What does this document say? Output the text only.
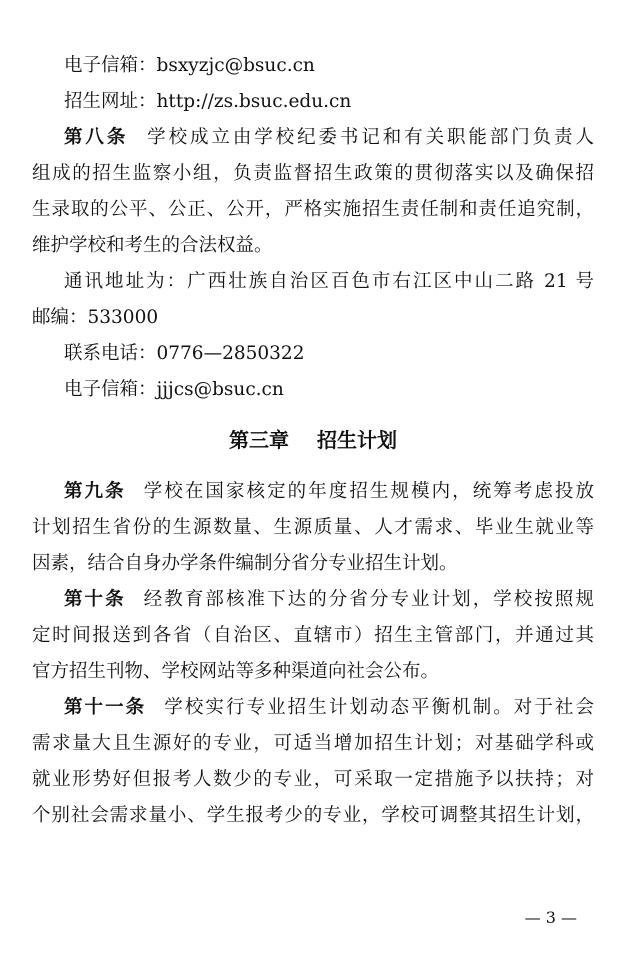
电子信箱：bsxyzjc@bsuc.cn
招生网址：http://zs.bsuc.edu.cn
第八条 学校成立由学校纪委书记和有关职能部门负责人
组成的招生监察小组，负责监督招生政策的贯彻落实以及确保招
生录取的公平、公正、公开，严格实施招生责任制和责任追究制，
维护学校和考生的合法权益。
通讯地址为：广西壮族自治区百色市右江区中山二路 21 号
邮编：533000
联系电话：0776—2850322
电子信箱：jjjcs@bsuc.cn
第三章 招生计划
第九条 学校在国家核定的年度招生规模内，统筹考虑投放
计划招生省份的生源数量、生源质量、人才需求、毕业生就业等
因素，结合自身办学条件编制分省分专业招生计划。
第十条 经教育部核准下达的分省分专业计划，学校按照规
定时间报送到各省（自治区、直辖市）招生主管部门，并通过其
官方招生刊物、学校网站等多种渠道向社会公布。
第十一条 学校实行专业招生计划动态平衡机制。对于社会
需求量大且生源好的专业，可适当增加招生计划；对基础学科或
就业形势好但报考人数少的专业，可采取一定措施予以扶持；对
个别社会需求量小、学生报考少的专业，学校可调整其招生计划，
— 3 —
